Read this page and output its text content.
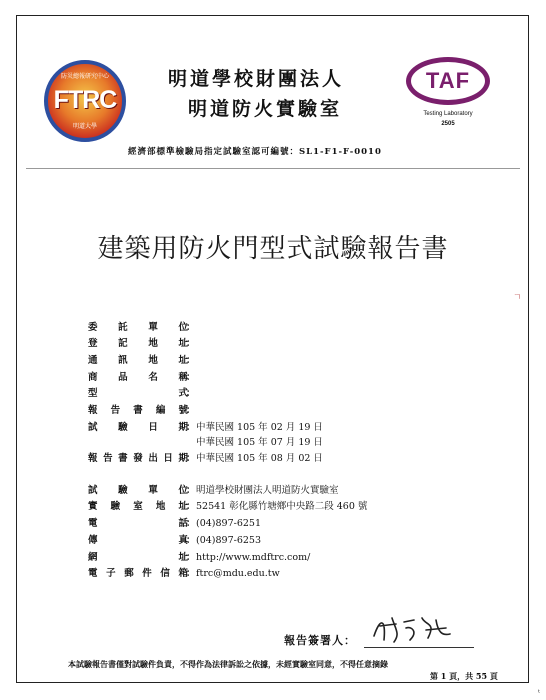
ㄱ
ᵗ
防災總報研究中心
FTRC
明道大學
明道學校財團法人
明道防火實驗室
TAF
Testing Laboratory
2505
經濟部標準檢驗局指定試驗室認可編號：SL1-F1-F-0010
建築用防火門型式試驗報告書
委 託 單 位
：
登 記 地 址
：
通 訊 地 址
：
商 品 名 稱
：
型	式
：
報 告 書 編 號
：
試 驗 日 期
： 中華民國 105 年 02 月 19 日
中華民國 105 年 07 月 19 日
報 告 書 發 出 日 期
： 中華民國 105 年 08 月 02 日
試 驗 單 位
： 明道學校財團法人明道防火實驗室
實 驗 室 地 址
： 52541 彰化縣竹塘鄉中央路二段 460 號
電	話
： (04)897-6251
傳	真
： (04)897-6253
網	址
： http://www.mdftrc.com/
電 子 郵 件 信 箱
： ftrc@mdu.edu.tw
報告簽署人：
本試驗報告書僅對試驗件負責，不得作為法律訴訟之依據，未經實驗室同意，不得任意摘錄
第 1 頁，共 55 頁
